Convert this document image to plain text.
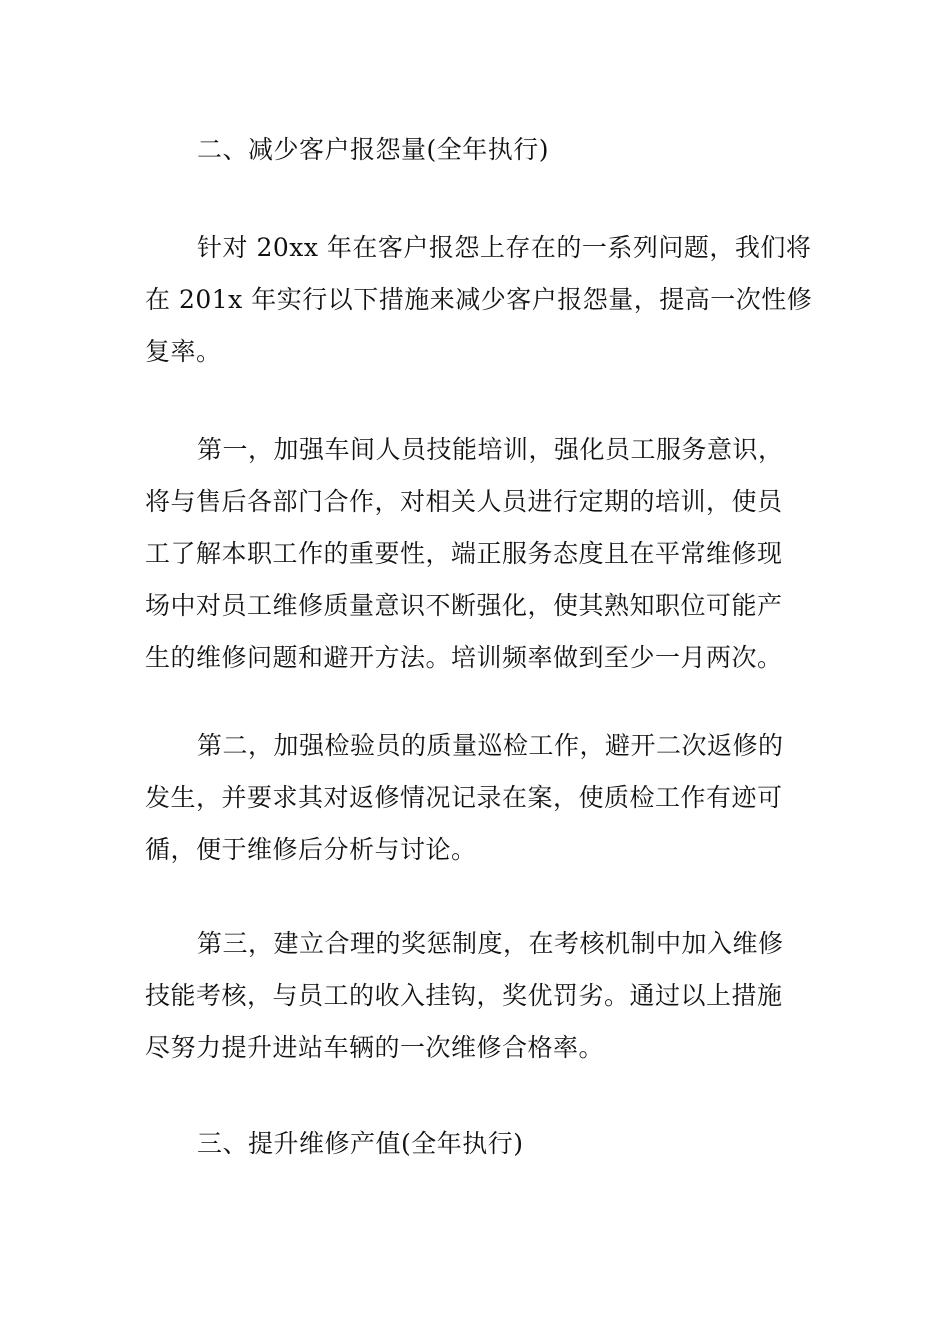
二、减少客户报怨量(全年执行)
针对 20xx 年在客户报怨上存在的一系列问题，我们将
在 201x 年实行以下措施来减少客户报怨量，提高一次性修
复率。
第一，加强车间人员技能培训，强化员工服务意识，
将与售后各部门合作，对相关人员进行定期的培训，使员
工了解本职工作的重要性，端正服务态度且在平常维修现
场中对员工维修质量意识不断强化，使其熟知职位可能产
生的维修问题和避开方法。培训频率做到至少一月两次。
第二，加强检验员的质量巡检工作，避开二次返修的
发生，并要求其对返修情况记录在案，使质检工作有迹可
循，便于维修后分析与讨论。
第三，建立合理的奖惩制度，在考核机制中加入维修
技能考核，与员工的收入挂钩，奖优罚劣。通过以上措施
尽努力提升进站车辆的一次维修合格率。
三、提升维修产值(全年执行)
